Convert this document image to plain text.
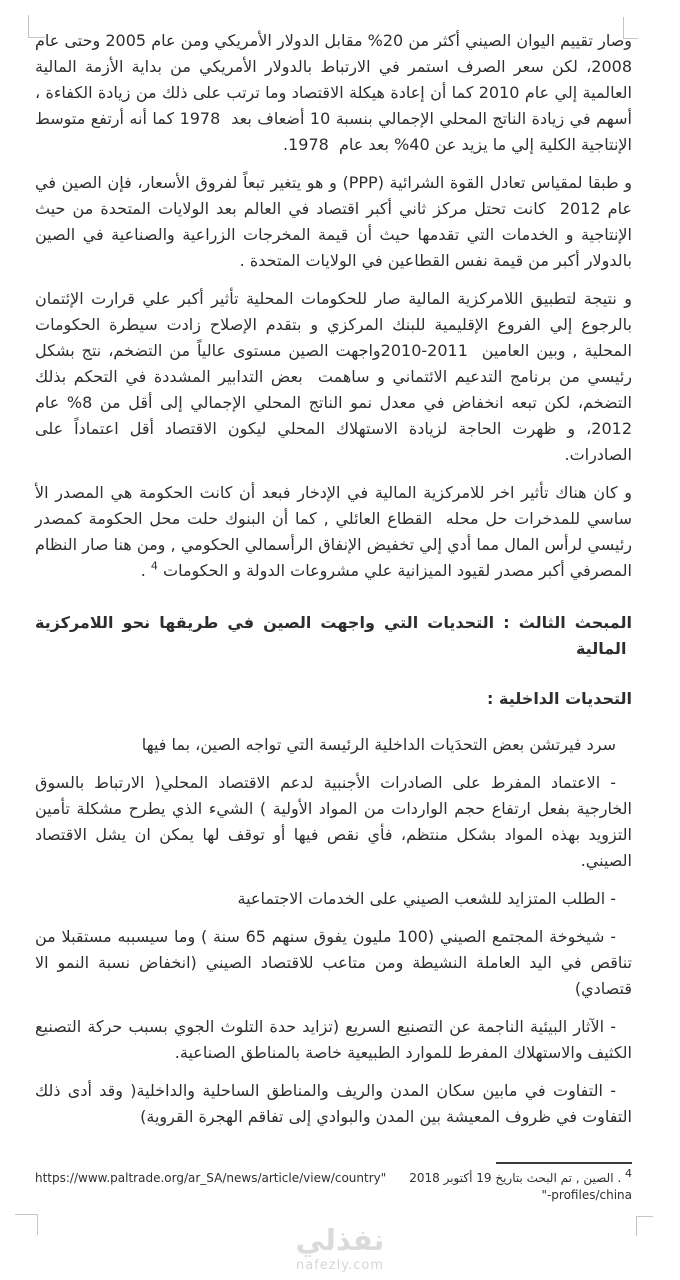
وصار تقييم اليوان الصيني أكثر من 20% مقابل الدولار الأمريكي ومن عام 2005 وحتى عام 2008، لكن سعر الصرف استمر في الارتباط بالدولار الأمريكي من بداية الأزمة المالية العالمية إلي عام 2010 كما أن إعادة هيكلة الاقتصاد وما ترتب على ذلك من زيادة الكفاءة ، أسهم في زيادة الناتج المحلي الإجمالي بنسبة 10 أضعاف بعد  1978 كما أنه أرتفع متوسط الإنتاجية الكلية إلي ما يزيد عن 40% بعد عام  1978.

و طبقا لمقياس تعادل القوة الشرائية (PPP) و هو يتغير تبعاً لفروق الأسعار، فإن الصين في عام 2012  كانت تحتل مركز ثاني أكبر اقتصاد في العالم بعد الولايات المتحدة من حيث الإنتاجية و الخدمات التي تقدمها حيث أن قيمة المخرجات الزراعية والصناعية في الصين بالدولار أكبر من قيمة نفس القطاعين في الولايات المتحدة .

و نتيجة لتطبيق اللامركزية المالية صار للحكومات المحلية تأثير أكبر علي قرارت الإئتمان بالرجوع إلي الفروع الإقليمية للبنك المركزي و بتقدم الإصلاح زادت سيطرة الحكومات المحلية , وبين العامين  2011-2010واجهت الصين مستوى عالياً من التضخم، نتج بشكل رئيسي من برنامج التدعيم الائتماني و ساهمت  بعض التدابير المشددة في التحكم بذلك التضخم، لكن تبعه انخفاض في معدل نمو الناتج المحلي الإجمالي إلى أقل من 8% عام 2012، و ظهرت الحاجة لزيادة الاستهلاك المحلي ليكون الاقتصاد أقل اعتماداً على الصادرات.

و كان هناك تأثير اخر للامركزية المالية في الإدخار فبعد أن كانت الحكومة هي المصدر الأ ساسي للمدخرات حل محله  القطاع العائلي , كما أن البنوك حلت محل الحكومة كمصدر رئيسي لرأس المال مما أدي إلي تخفيض الإنفاق الرأسمالي الحكومي , ومن هنا صار النظام المصرفي أكبر مصدر لقيود الميزانية علي مشروعات الدولة و الحكومات $^4$ .

المبحث الثالث : التحديات التي واجهت الصين في طريقها نحو اللامركزية  المالية

التحديات الداخلية :

سرد فيرتشن بعض التحدَيات الداخلية الرئيسة التي تواجه الصين، بما فيها

- الاعتماد المفرط على الصادرات الأجنبية لدعم الاقتصاد المحلي( الارتباط بالسوق الخارجية بفعل ارتفاع حجم الواردات من المواد الأولية ) الشيء الذي يطرح مشكلة تأمين التزويد بهذه المواد بشكل منتظم، فأي نقص فيها أو توقف لها يمكن ان يشل الاقتصاد الصيني.

- الطلب المتزايد للشعب الصيني على الخدمات الاجتماعية

- شيخوخة المجتمع الصيني (100 مليون يفوق سنهم 65 سنة ) وما سيسببه مستقبلا من تناقص في اليد العاملة النشيطة ومن متاعب للاقتصاد الصيني (انخفاض نسبة النمو الا قتصادي)

- الآثار البيئية الناجمة عن التصنيع السريع (تزايد حدة التلوث الجوي بسبب حركة التصنيع الكثيف والاستهلاك المفرط للموارد الطبيعية خاصة بالمناطق الصناعية.

- التفاوت في مابين سكان المدن والريف والمناطق الساحلية والداخلية( وقد أدى ذلك التفاوت في ظروف المعيشة بين المدن والبوادي إلى تفاقم الهجرة القروية)

https://www.paltrade.org/ar_SA/news/article/view/country"	$^4$ . الصين , تم البحث بتاريخ 19 أكتوبر 2018
"-profiles/china
نفذلي
nafezly.com
